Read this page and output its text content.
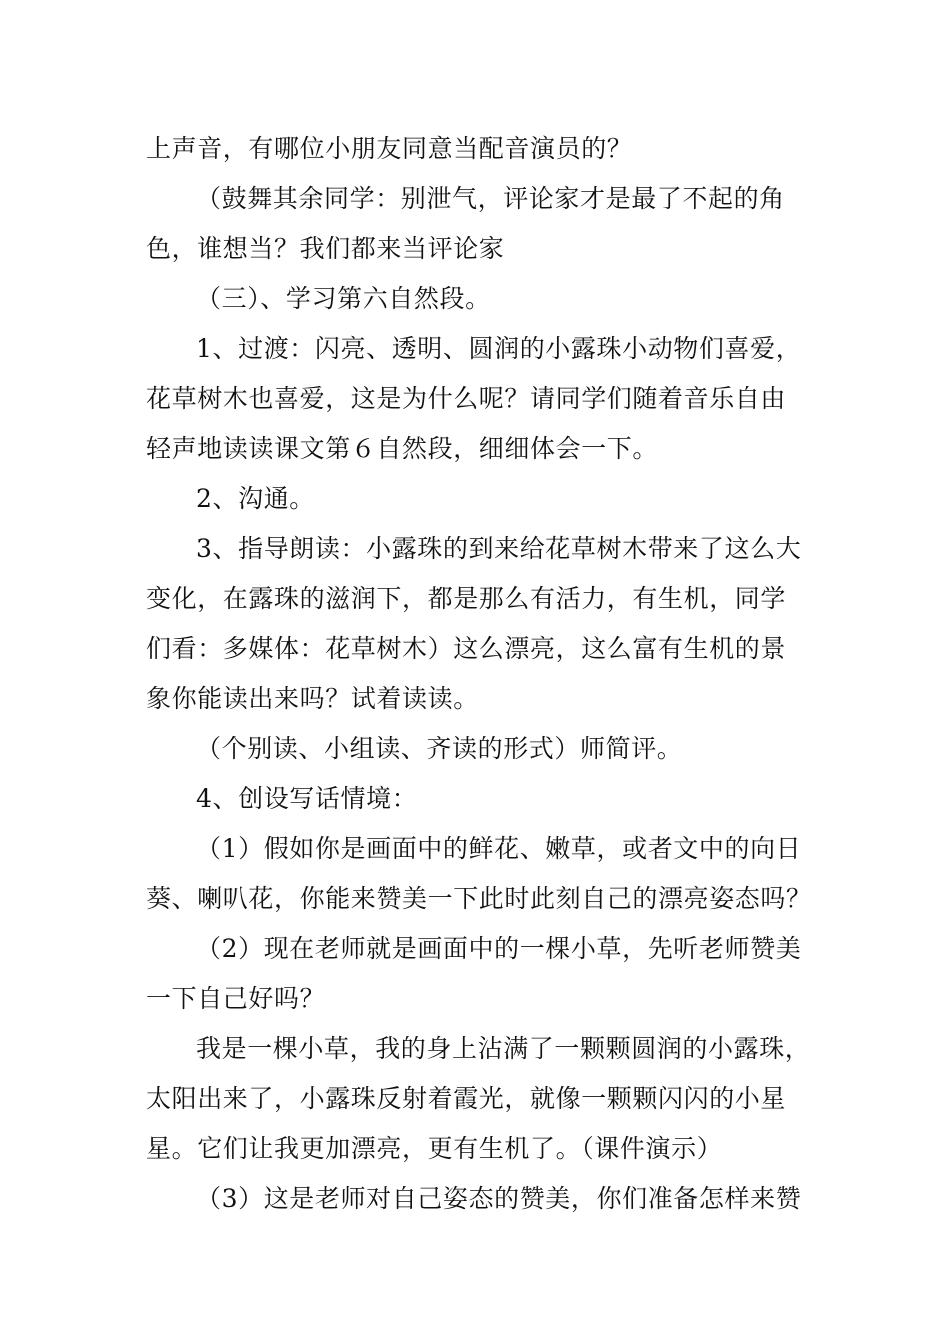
上声音，有哪位小朋友同意当配音演员的？
（鼓舞其余同学：别泄气，评论家才是最了不起的角
色，谁想当？我们都来当评论家
（三）、学习第六自然段。
1、过渡：闪亮、透明、圆润的小露珠小动物们喜爱，
花草树木也喜爱，这是为什么呢？请同学们随着音乐自由
轻声地读读课文第６自然段，细细体会一下。
2、沟通。
3、指导朗读：小露珠的到来给花草树木带来了这么大
变化，在露珠的滋润下，都是那么有活力，有生机，同学
们看：多媒体：花草树木）这么漂亮，这么富有生机的景
象你能读出来吗？试着读读。
（个别读、小组读、齐读的形式）师简评。
4、创设写话情境：
（1）假如你是画面中的鲜花、嫩草，或者文中的向日
葵、喇叭花，你能来赞美一下此时此刻自己的漂亮姿态吗？
（2）现在老师就是画面中的一棵小草，先听老师赞美
一下自己好吗？
我是一棵小草，我的身上沾满了一颗颗圆润的小露珠，
太阳出来了，小露珠反射着霞光，就像一颗颗闪闪的小星
星。它们让我更加漂亮，更有生机了。（课件演示）
（3）这是老师对自己姿态的赞美，你们准备怎样来赞
